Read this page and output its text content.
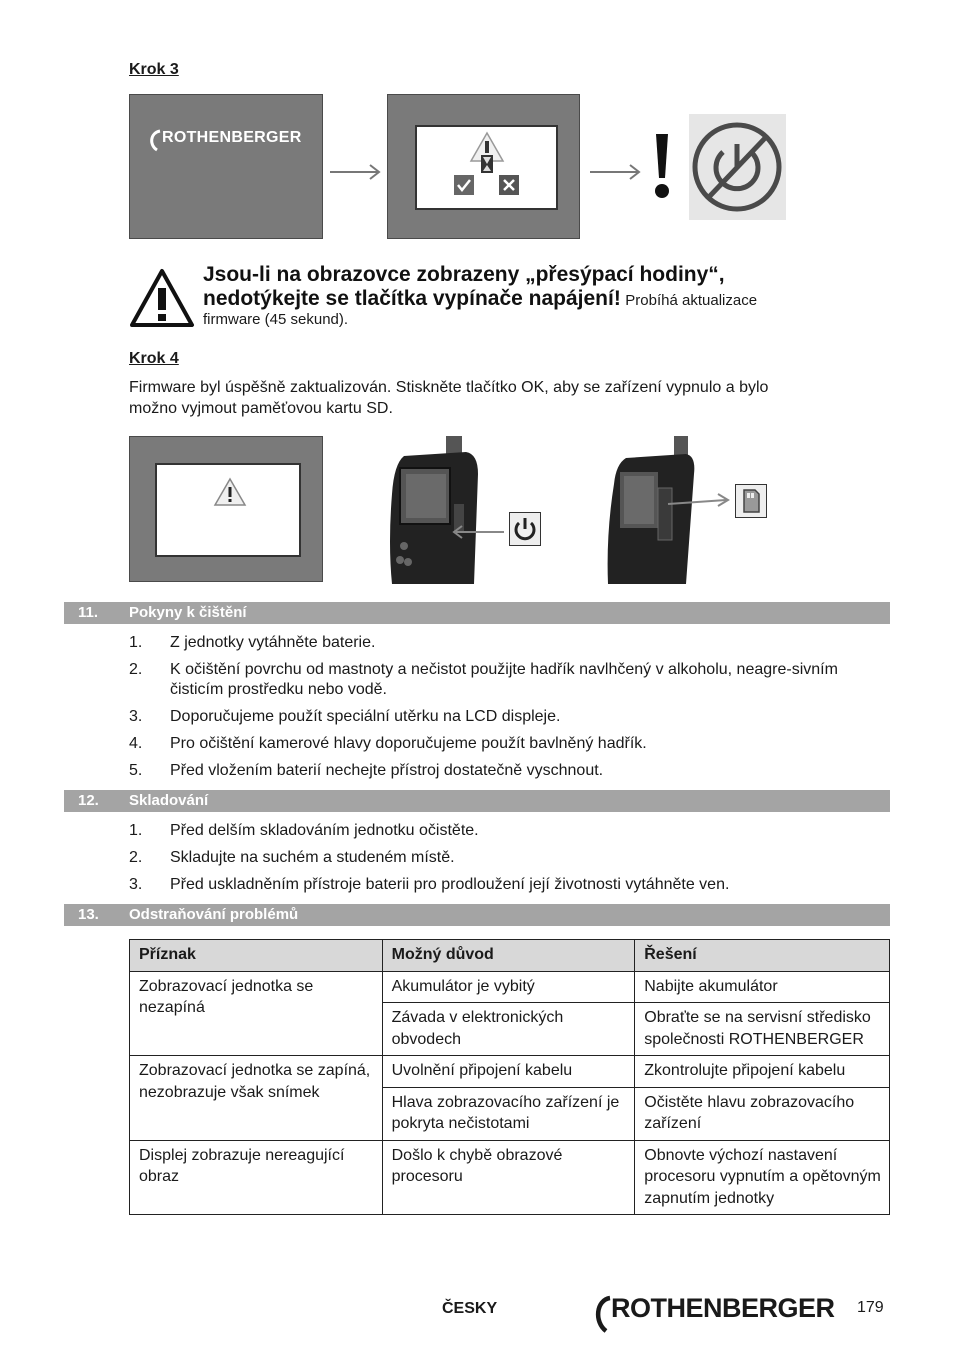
Krok 3
ROTHENBERGER
Jsou-li na obrazovce zobrazeny „přesýpací hodiny“,
nedotýkejte se tlačítka vypínače napájení! Probíhá aktualizace
firmware (45 sekund).
Krok 4
Firmware byl úspěšně zaktualizován. Stiskněte tlačítko OK, aby se zařízení vypnulo a bylo
možno vyjmout paměťovou kartu SD.
11. Pokyny k čištění
1. Z jednotky vytáhněte baterie.
2. K očištění povrchu od mastnoty a nečistot použijte hadřík navlhčený v alkoholu, neagre-sivním čisticím prostředku nebo vodě.
3. Doporučujeme použít speciální utěrku na LCD displeje.
4. Pro očištění kamerové hlavy doporučujeme použít bavlněný hadřík.
5. Před vložením baterií nechejte přístroj dostatečně vyschnout.
12. Skladování
1. Před delším skladováním jednotku očistěte.
2. Skladujte na suchém a studeném místě.
3. Před uskladněním přístroje baterii pro prodloužení její životnosti vytáhněte ven.
13. Odstraňování problémů
Příznak	Možný důvod	Řešení
Zobrazovací jednotka se nezapíná	Akumulátor je vybitý	Nabijte akumulátor
	Závada v elektronických obvodech	Obraťte se na servisní středisko společnosti ROTHENBERGER
Zobrazovací jednotka se zapíná, nezobrazuje však snímek	Uvolnění připojení kabelu	Zkontrolujte připojení kabelu
	Hlava zobrazovacího zařízení je pokryta nečistotami	Očistěte hlavu zobrazovacího zařízení
Displej zobrazuje nereagující obraz	Došlo k chybě obrazové procesoru	Obnovte výchozí nastavení procesoru vypnutím a opětovným zapnutím jednotky
ČESKY	ROTHENBERGER 179
